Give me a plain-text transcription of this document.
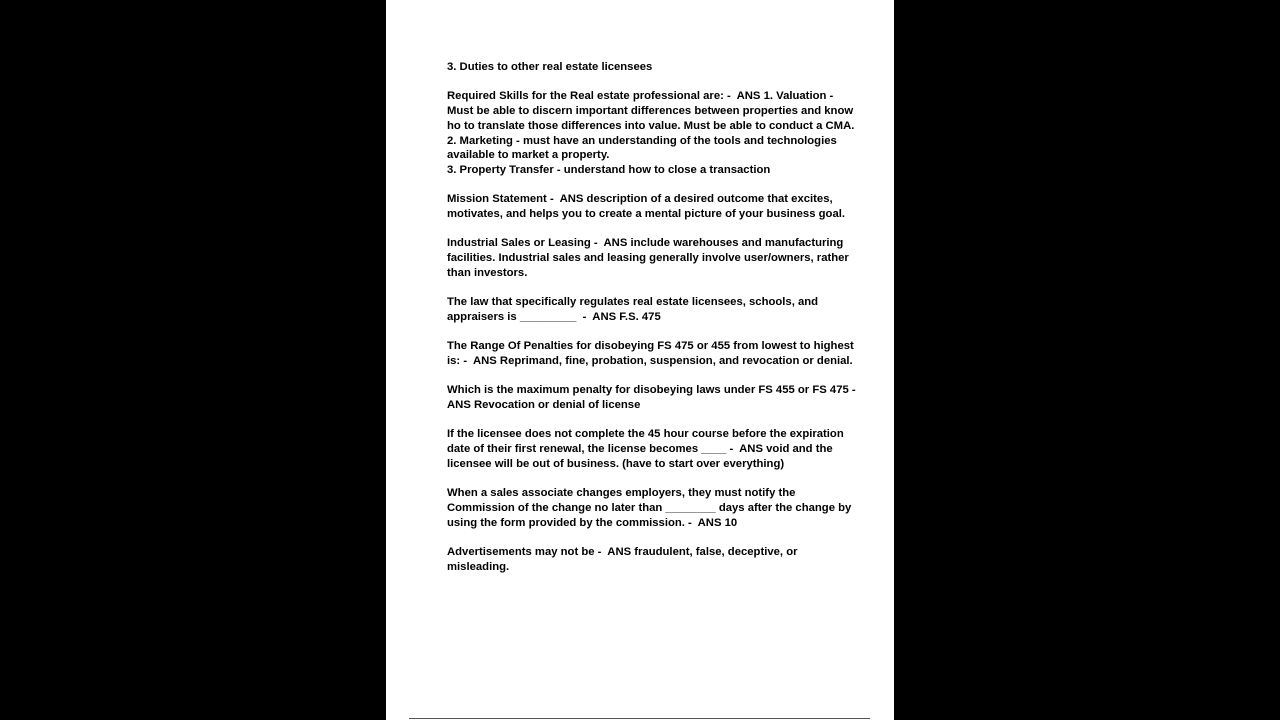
3. Duties to other real estate licensees

Required Skills for the Real estate professional are: -  ANS 1. Valuation - Must be able to discern important differences between properties and know ho to translate those differences into value. Must be able to conduct a CMA.
2. Marketing - must have an understanding of the tools and technologies available to market a property.
3. Property Transfer - understand how to close a transaction

Mission Statement -  ANS description of a desired outcome that excites, motivates, and helps you to create a mental picture of your business goal.

Industrial Sales or Leasing -  ANS include warehouses and manufacturing facilities. Industrial sales and leasing generally involve user/owners, rather than investors.

The law that specifically regulates real estate licensees, schools, and appraisers is _________  -  ANS F.S. 475

The Range Of Penalties for disobeying FS 475 or 455 from lowest to highest is: -  ANS Reprimand, fine, probation, suspension, and revocation or denial.

Which is the maximum penalty for disobeying laws under FS 455 or FS 475 -  ANS Revocation or denial of license

If the licensee does not complete the 45 hour course before the expiration date of their first renewal, the license becomes ____ -  ANS void and the licensee will be out of business. (have to start over everything)

When a sales associate changes employers, they must notify the Commission of the change no later than ________ days after the change by using the form provided by the commission. -  ANS 10

Advertisements may not be -  ANS fraudulent, false, deceptive, or misleading.
